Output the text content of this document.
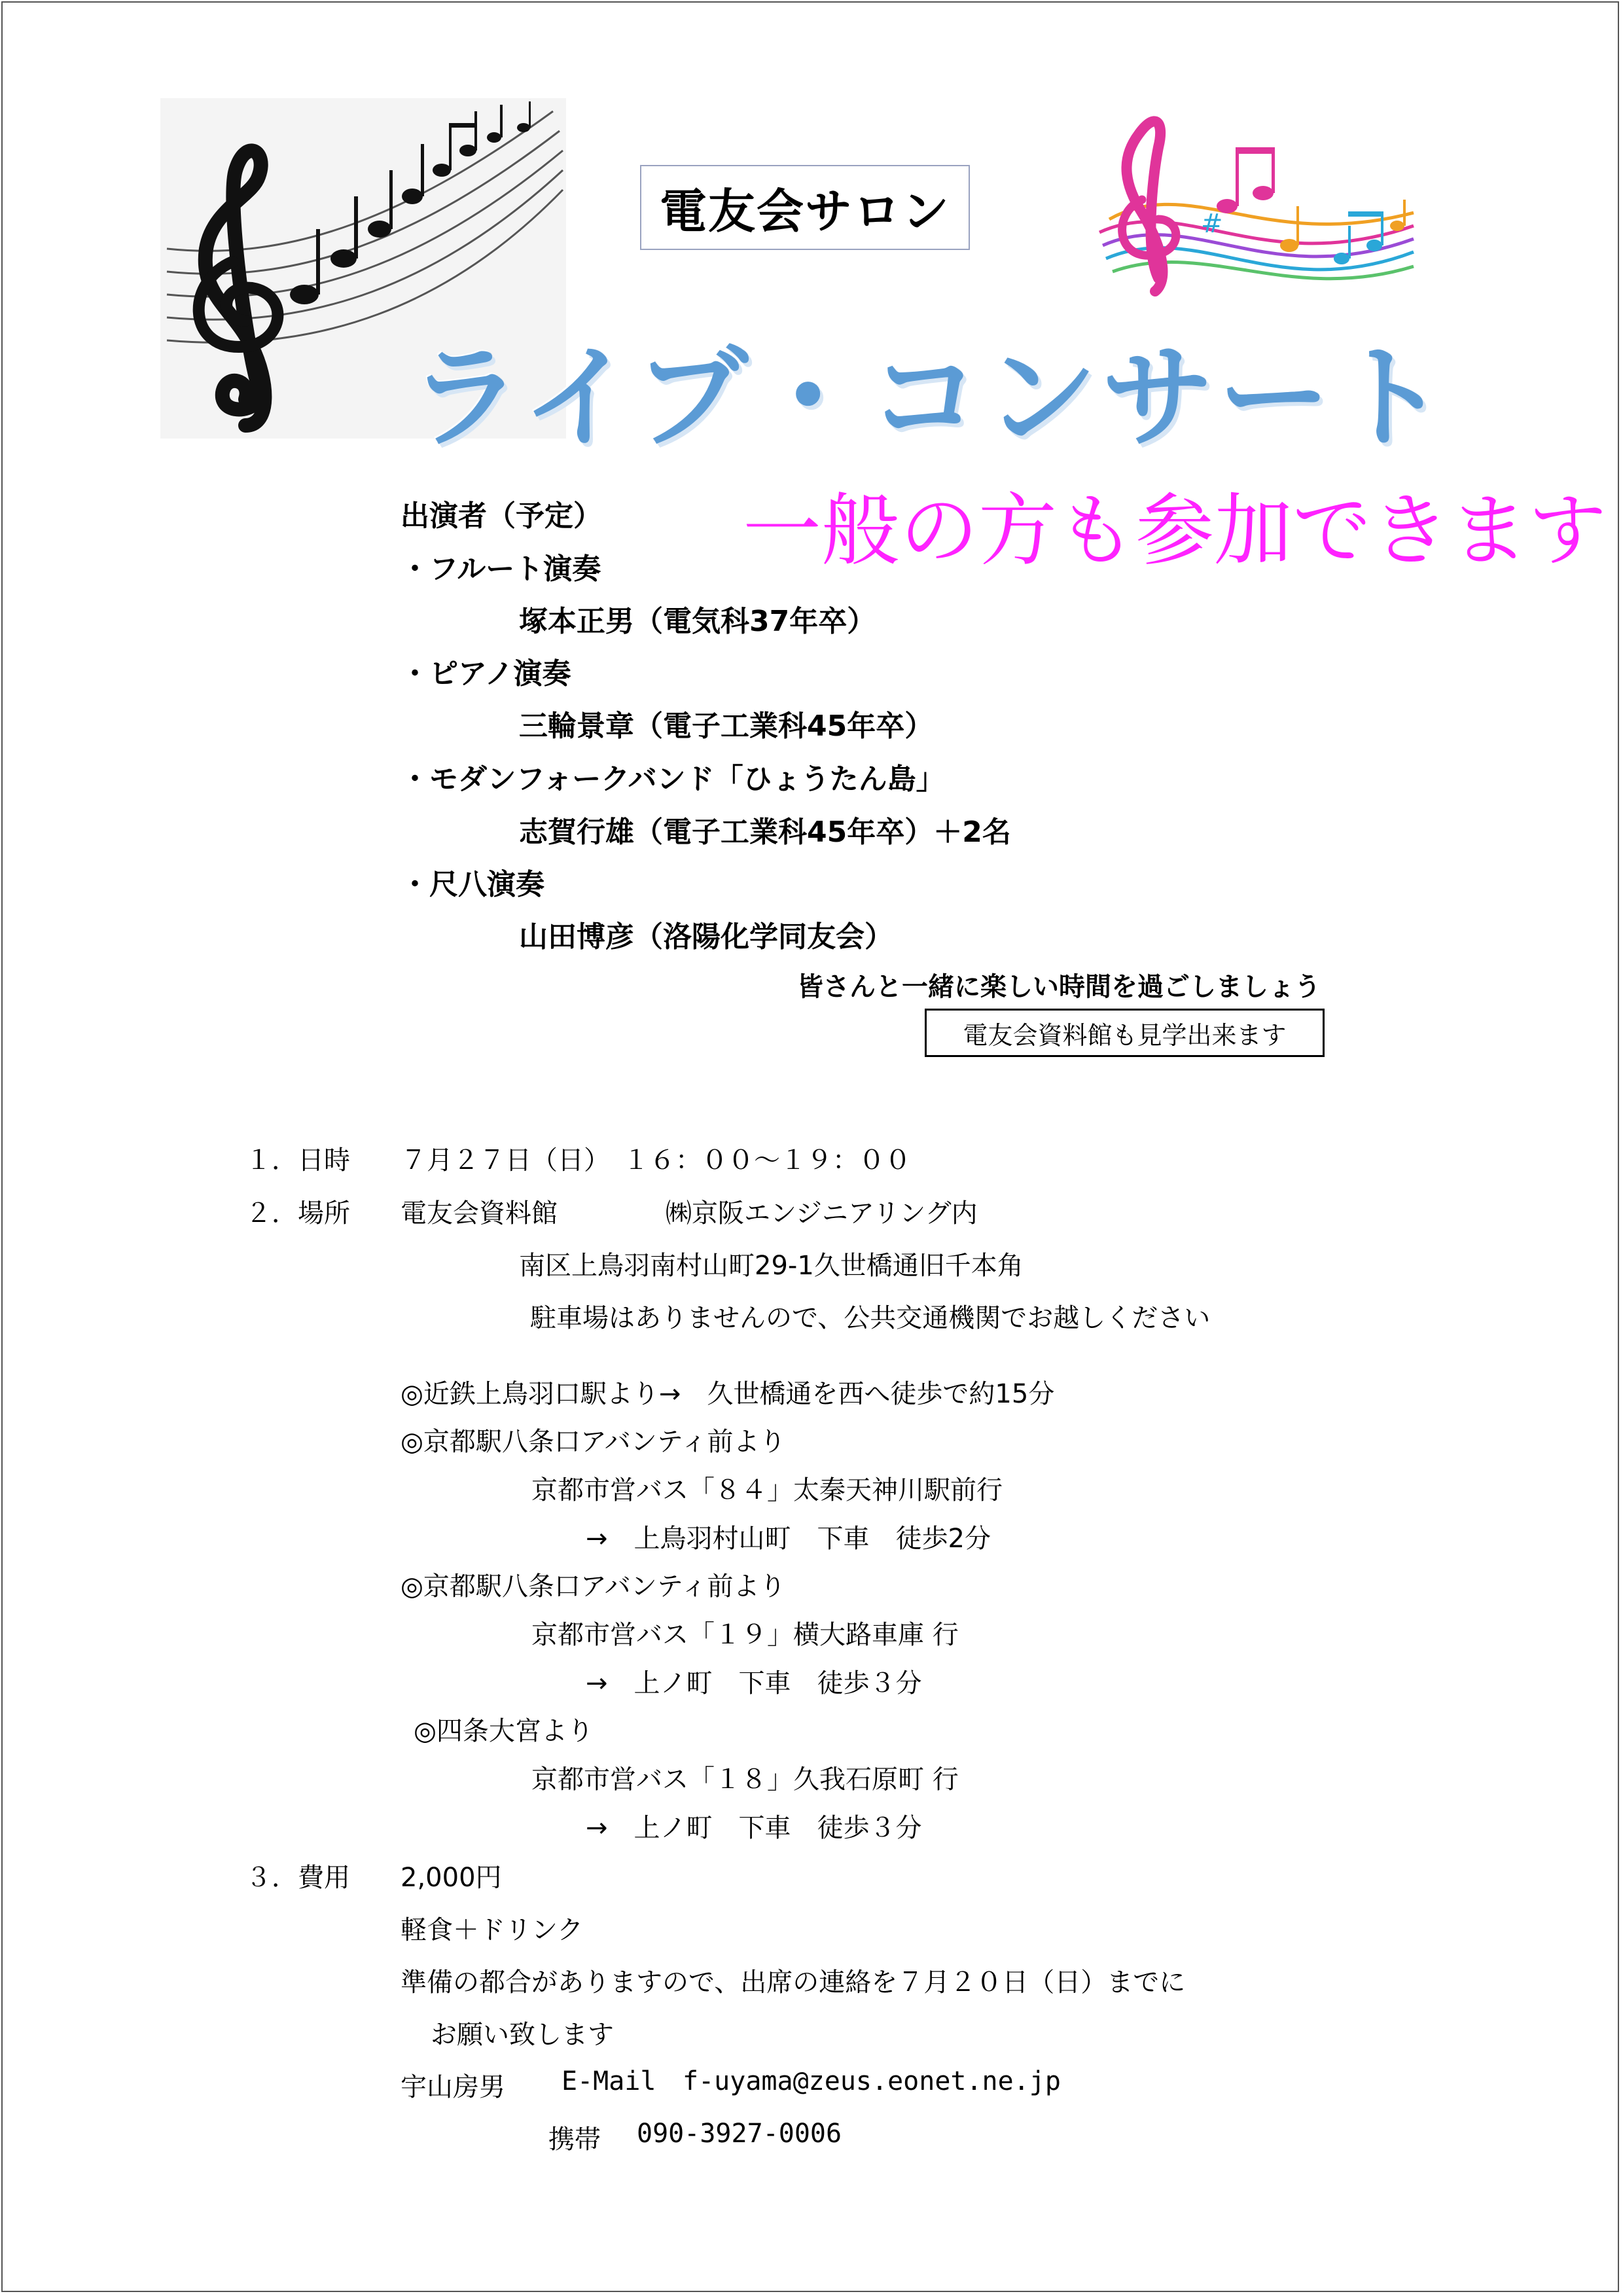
#
電友会サロン
ライブ・コンサート
一般の方も参加できます
出演者（予定）
・フルート演奏
塚本正男（電気科37年卒）
・ピアノ演奏
三輪景章（電子工業科45年卒）
・モダンフォークバンド「ひょうたん島」
志賀行雄（電子工業科45年卒）＋2名
・尺八演奏
山田博彦（洛陽化学同友会）
皆さんと一緒に楽しい時間を過ごしましょう
電友会資料館も見学出来ます
１．日時 ７月２７日（日）　１６：００～１９：００
２．場所 電友会資料館	㈱京阪エンジニアリング内
南区上鳥羽南村山町29-1久世橋通旧千本角
駐車場はありませんので、公共交通機関でお越しください
◎近鉄上鳥羽口駅より→　久世橋通を西へ徒歩で約15分
◎京都駅八条口アバンティ前より
京都市営バス「８４」太秦天神川駅前行
→　上鳥羽村山町　下車　徒歩2分
◎京都駅八条口アバンティ前より
京都市営バス「１９」横大路車庫 行
→　上ノ町　下車　徒歩３分
◎四条大宮より
京都市営バス「１８」久我石原町 行
→　上ノ町　下車　徒歩３分
３．費用 2,000円
軽食＋ドリンク
準備の都合がありますので、出席の連絡を７月２０日（日）までに
お願い致します
宇山房男 E-Mail f-uyama@zeus.eonet.ne.jp
携帯 090-3927-0006
